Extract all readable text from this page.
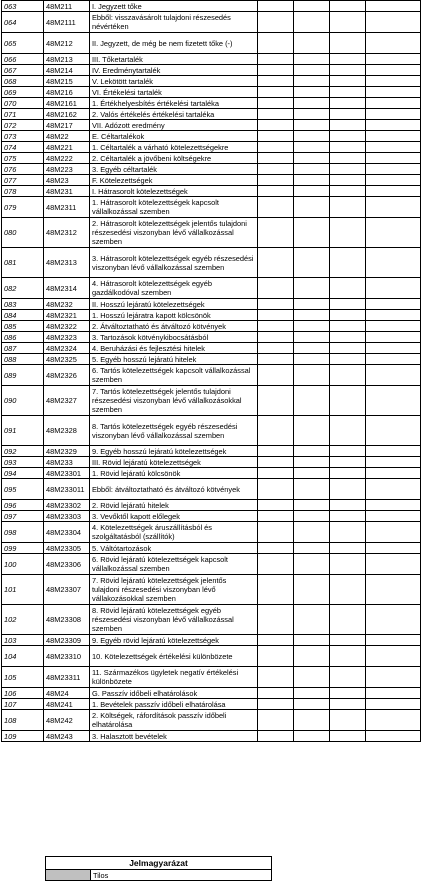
063	48M211	I. Jegyzett tőke				
064	48M2111	Ebből: visszavásárolt tulajdoni részesedés névértéken				
065	48M212	II. Jegyzett, de még be nem fizetett tőke (-)				
066	48M213	III. Tőketartalék				
067	48M214	IV. Eredménytartalék				
068	48M215	V. Lekötött tartalék				
069	48M216	VI. Értékelési tartalék				
070	48M2161	1. Értékhelyesbítés értékelési tartaléka				
071	48M2162	2. Valós értékelés értékelési tartaléka				
072	48M217	VII. Adózott eredmény				
073	48M22	E. Céltartalékok				
074	48M221	1. Céltartalék a várható kötelezettségekre				
075	48M222	2. Céltartalék a jövőbeni költségekre				
076	48M223	3. Egyéb céltartalék				
077	48M23	F. Kötelezettségek				
078	48M231	I. Hátrasorolt kötelezettségek				
079	48M2311	1. Hátrasorolt kötelezettségek kapcsolt vállalkozással szemben				
080	48M2312	2. Hátrasorolt kötelezettségek jelentős tulajdoni részesedési viszonyban lévő vállalkozással szemben				
081	48M2313	3. Hátrasorolt kötelezettségek egyéb részesedési viszonyban lévő vállalkozással szemben				
082	48M2314	4. Hátrasorolt kötelezettségek egyéb gazdálkodóval szemben				
083	48M232	II. Hosszú lejáratú kötelezettségek				
084	48M2321	1. Hosszú lejáratra kapott kölcsönök				
085	48M2322	2. Átváltoztatható és átváltozó kötvények				
086	48M2323	3. Tartozások kötvénykibocsátásból				
087	48M2324	4. Beruházási és fejlesztési hitelek				
088	48M2325	5. Egyéb hosszú lejáratú hitelek				
089	48M2326	6. Tartós kötelezettségek kapcsolt vállalkozással szemben				
090	48M2327	7. Tartós kötelezettségek jelentős tulajdoni részesedési viszonyban lévő vállalkozásokkal szemben				
091	48M2328	8. Tartós kötelezettségek egyéb részesedési viszonyban lévő vállalkozással szemben				
092	48M2329	9. Egyéb hosszú lejáratú kötelezettségek				
093	48M233	III. Rövid lejáratú kötelezettségek				
094	48M23301	1. Rövid lejáratú kölcsönök				
095	48M233011	Ebből: átváltoztatható és átváltozó kötvények				
096	48M23302	2. Rövid lejáratú hitelek				
097	48M23303	3. Vevőktől kapott előlegek				
098	48M23304	4. Kötelezettségek áruszállításból és szolgáltatásból (szállítók)				
099	48M23305	5. Váltótartozások				
100	48M23306	6. Rövid lejáratú kötelezettségek kapcsolt vállalkozással szemben				
101	48M23307	7. Rövid lejáratú kötelezettségek jelentős tulajdoni részesedési viszonyban lévő vállakozásokkal szemben				
102	48M23308	8. Rövid lejáratú kötelezettségek egyéb részesedési viszonyban lévő vállalkozással szemben				
103	48M23309	9. Egyéb rövid lejáratú kötelezettségek				
104	48M23310	10. Kötelezettségek értékelési különbözete				
105	48M23311	11. Származékos ügyletek negatív értékelési különbözete				
106	48M24	G. Passzív időbeli elhatárolások				
107	48M241	1. Bevételek passzív időbeli elhatárolása				
108	48M242	2. Költségek, ráfordítások passzív időbeli elhatárolása				
109	48M243	3. Halasztott bevételek				
Jelmagyarázat
	Tilos
